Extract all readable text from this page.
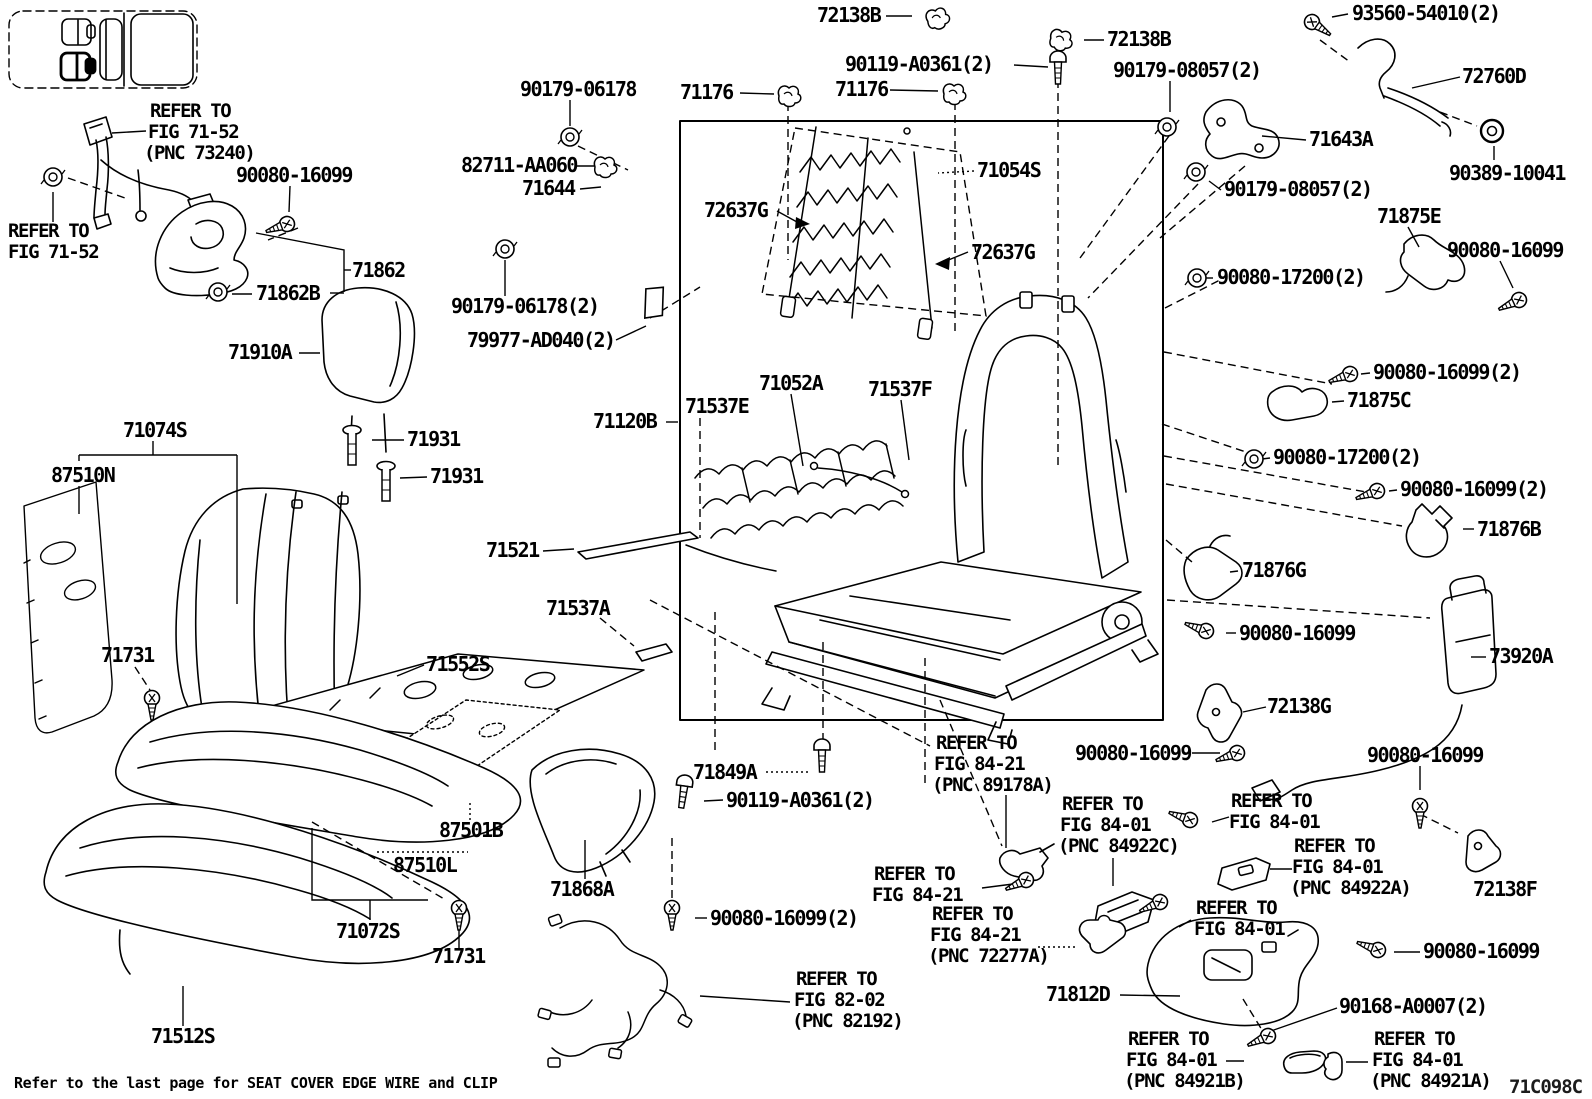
REFER TO
FIG 71-52
(PNC 73240)
90080-16099
REFER TO
FIG 71-52
71862
71862B
71910A
90179-06178
82711-AA060
71644
71176	71176
90119-A0361(2)
72138B
72138B
93560-54010(2)
90179-08057(2)	72760D
71643A
90389-10041
90179-08057(2)
71875E
90080-16099
90080-17200(2)
71054S
72637G
72637G
90179-06178(2)
79977-AD040(2)
90080-16099(2)
71875C
71074S	71931
90080-17200(2)
71931
87510N
90080-16099(2)
71120B
71537E
71052A 71537F
71876B
71521
71876G
71537A
90080-16099
71552S	73920A
71731
72138G
90080-16099	90080-16099
71849A
REFER TO
FIG 84-21
(PNC 89178A)
90119-A0361(2)	REFER TO
FIG 84-01
(PNC 84922C)
REFER TO
FIG 84-01
87501B
87510L
REFER TO
FIG 84-01
(PNC 84922A)
71868A	72138F
REFER TO
FIG 84-21
90080-16099(2)
71072S
REFER TO
FIG 84-21
(PNC 72277A)
REFER TO
FIG 84-01
71731	90080-16099
REFER TO
FIG 82-02
(PNC 82192)
71812D	90168-A0007(2)
71512S	REFER TO
FIG 84-01
(PNC 84921B)
REFER TO
FIG 84-01
(PNC 84921A)
Refer to the last page for SEAT COVER EDGE WIRE and CLIP	71C098C
